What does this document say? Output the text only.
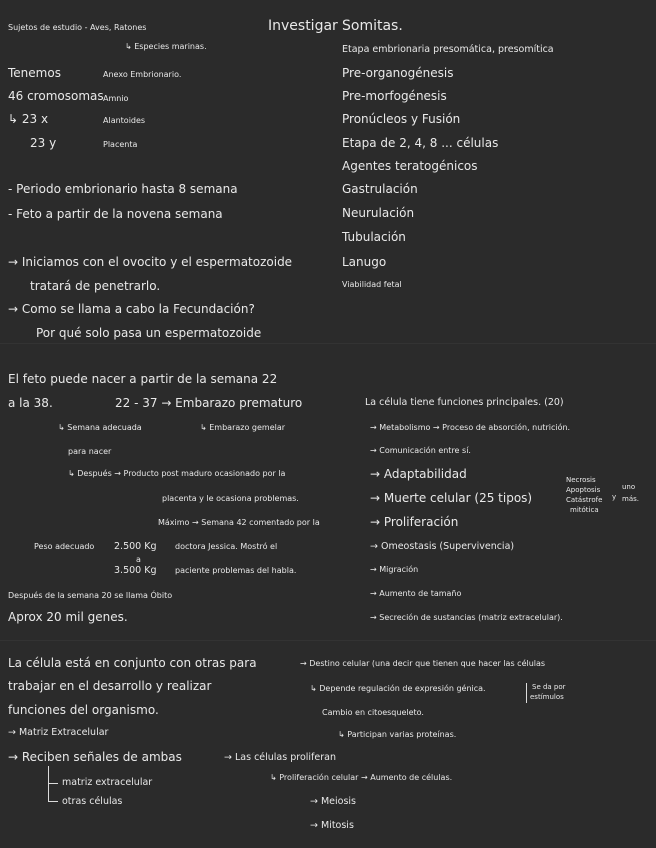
Sujetos de estudio - Aves, Ratones
↳ Especies marinas.
Tenemos	Anexo Embrionario.
46 cromosomas Amnio
↳ 23 x	Alantoides
23 y	Placenta
- Periodo embrionario hasta 8 semana
- Feto a partir de la novena semana
→ Iniciamos con el ovocito y el espermatozoide
tratará de penetrarlo.
→ Como se llama a cabo la Fecundación?
Por qué solo pasa un espermatozoide
Investigar Somitas.
Etapa embrionaria presomática, presomítica
Pre-organogénesis
Pre-morfogénesis
Pronúcleos y Fusión
Etapa de 2, 4, 8 ... células
Agentes teratogénicos
Gastrulación
Neurulación
Tubulación
Lanugo
Viabilidad fetal
El feto puede nacer a partir de la semana 22
a la 38.	22 - 37 → Embarazo prematuro
↳ Semana adecuada	↳ Embarazo gemelar
para nacer
↳ Después → Producto post maduro ocasionado por la
placenta y le ocasiona problemas.
Máximo → Semana 42 comentado por la
Peso adecuado 2.500 Kg doctora Jessica. Mostró el
a
3.500 Kg paciente problemas del habla.
Después de la semana 20 se llama Óbito
Aprox 20 mil genes.
La célula tiene funciones principales. (20)
→ Metabolismo → Proceso de absorción, nutrición.
→ Comunicación entre sí.
→ Adaptabilidad
→ Muerte celular (25 tipos)
→ Proliferación
→ Omeostasis (Supervivencia)
→ Migración
→ Aumento de tamaño
→ Secreción de sustancias (matriz extracelular).
Necrosis
Apoptosis
Catástrofe
mitótica
y
uno
más.
La célula está en conjunto con otras para
trabajar en el desarrollo y realizar
funciones del organismo.
→ Matriz Extracelular
→ Reciben señales de ambas	→ Las células proliferan
matriz extracelular
otras células
→ Destino celular (una decir que tienen que hacer las células
↳ Depende regulación de expresión génica.	Se da por
estímulos
Cambio en citoesqueleto.
↳ Participan varias proteínas.
↳ Proliferación celular → Aumento de células.
→ Meiosis
→ Mitosis
